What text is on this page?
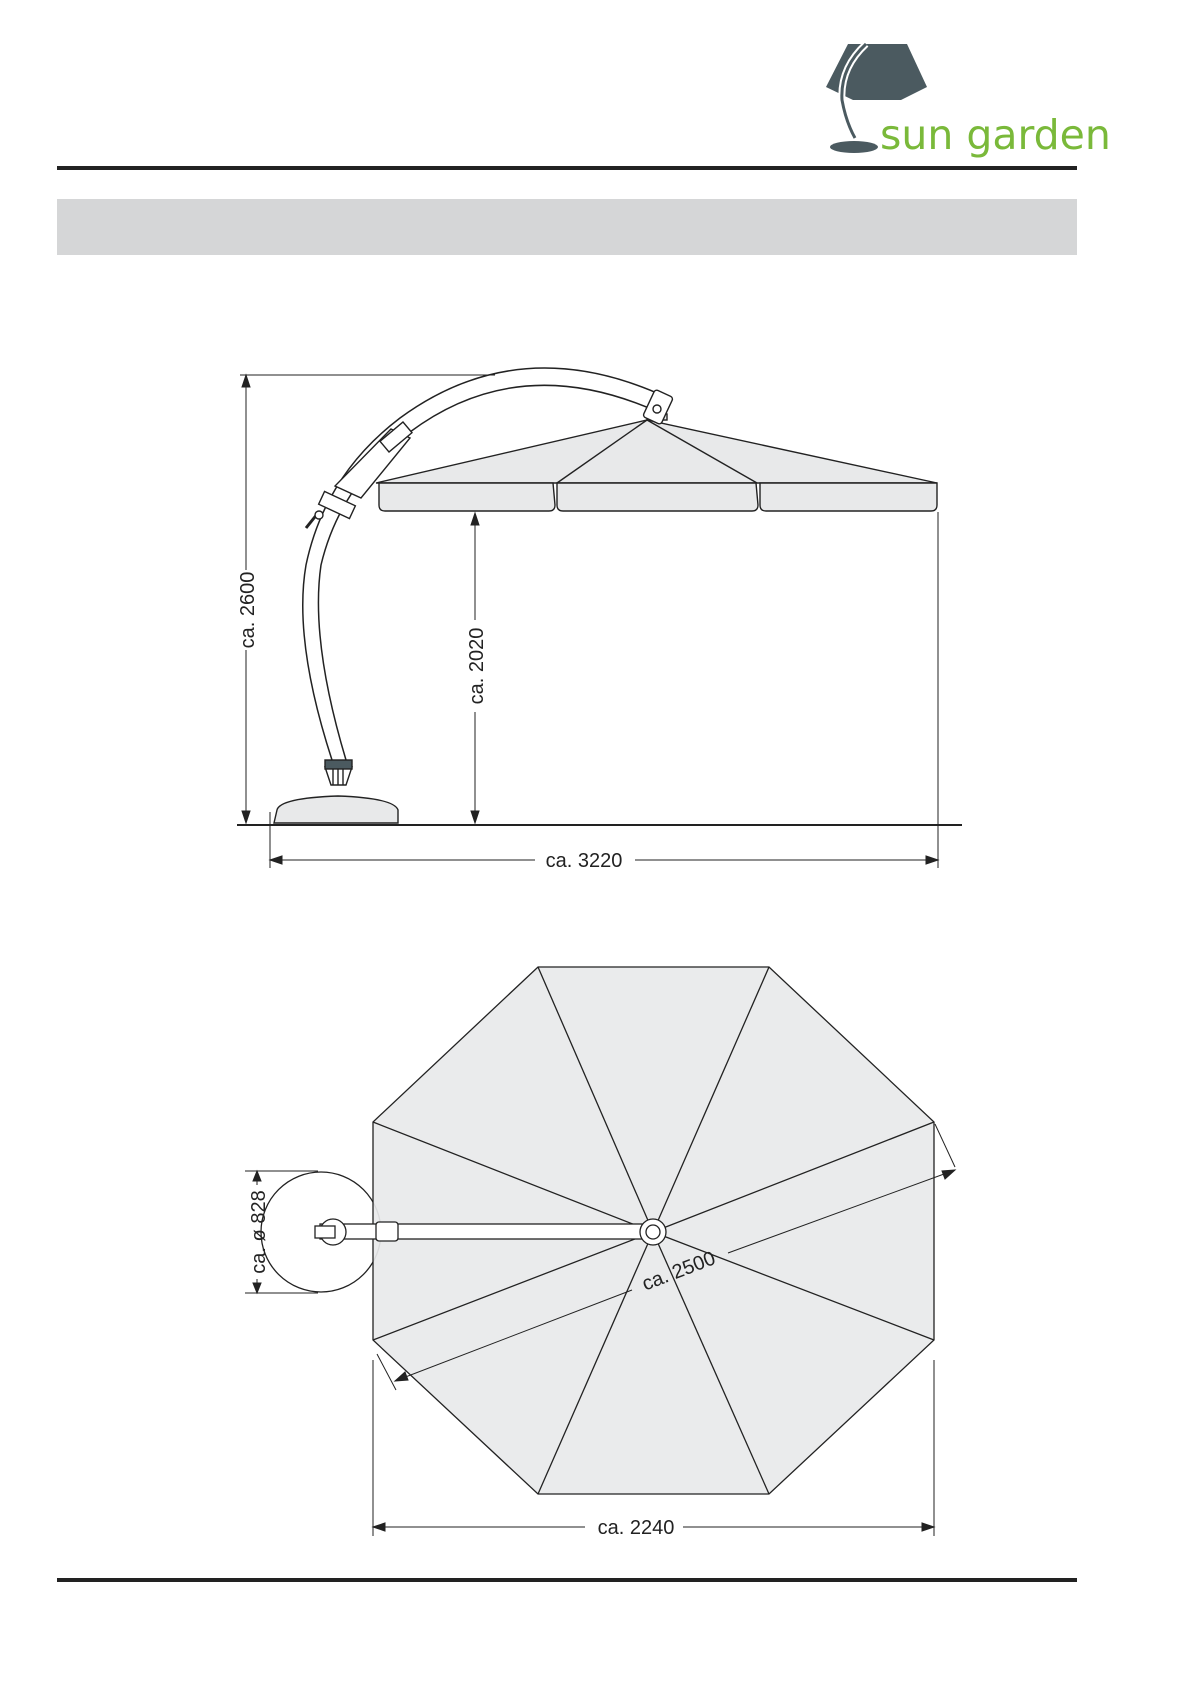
sun garden
ca. 2600
ca. 2020
ca. 3220
ca. 2500
ca. 2240
ca. ø 828
